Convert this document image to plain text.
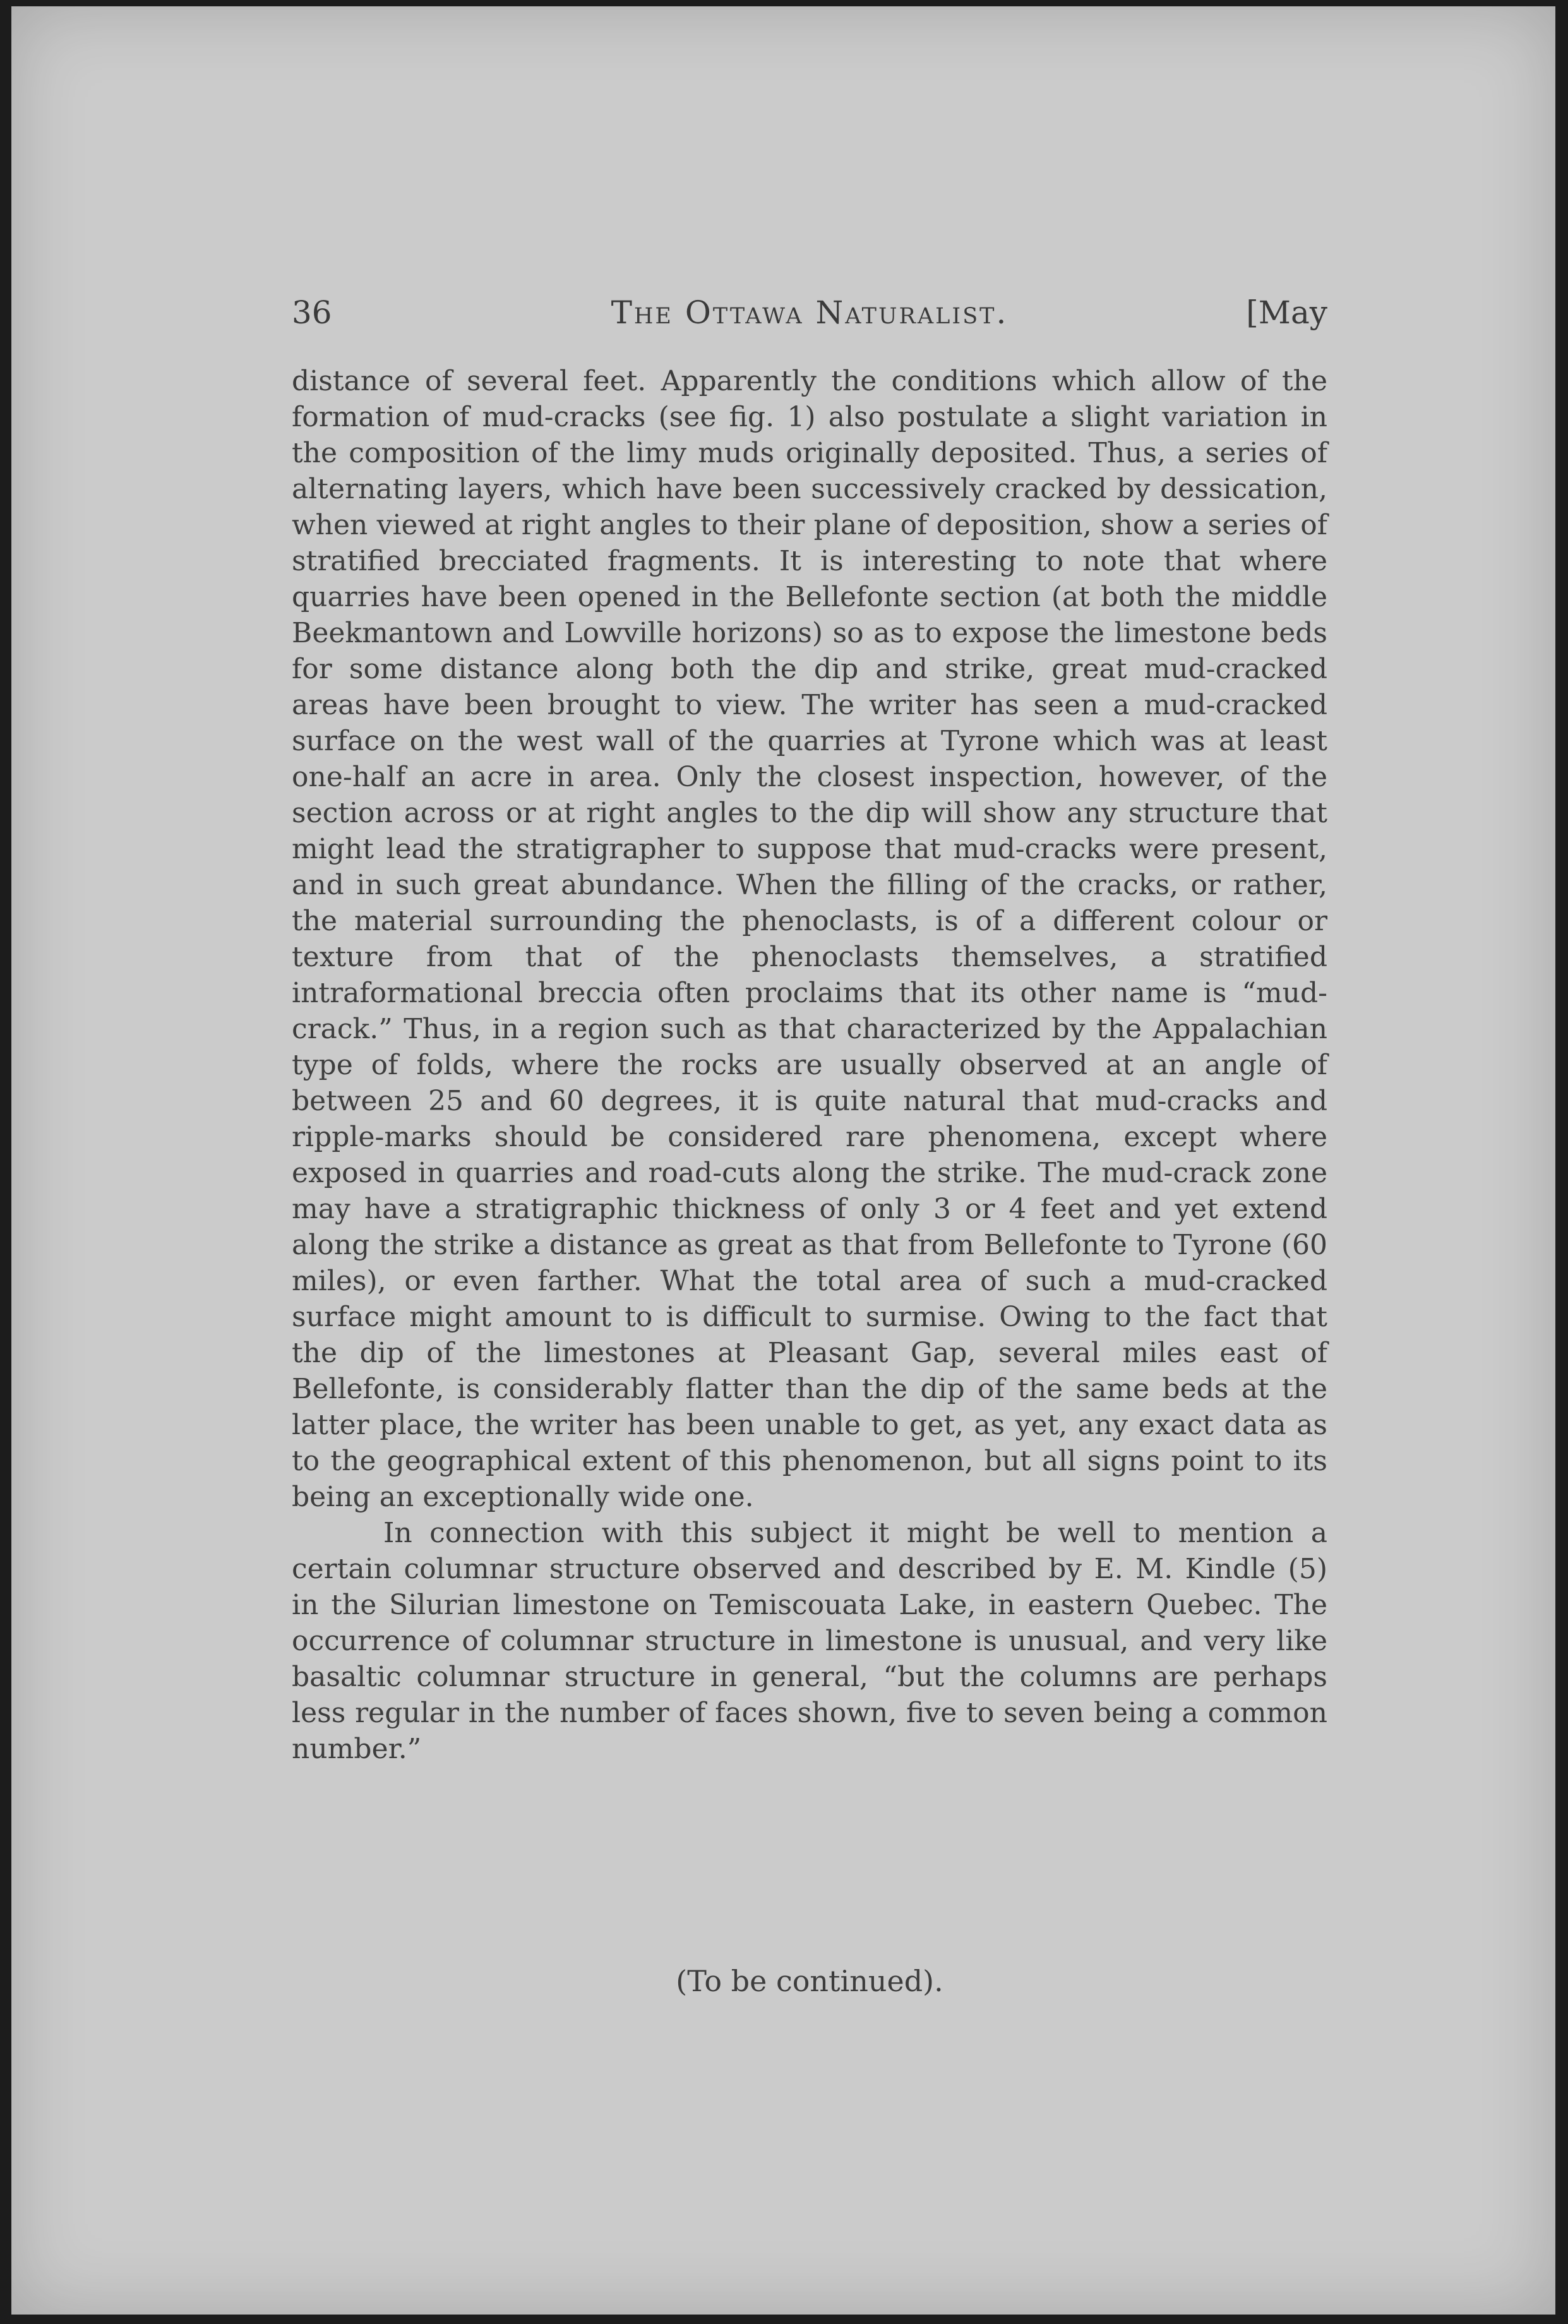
36	The Ottawa Naturalist.	[May

distance of several feet. Apparently the conditions which allow of the formation of mud-cracks (see fig. 1) also postulate a slight variation in the composition of the limy muds originally deposited. Thus, a series of alternating layers, which have been successively cracked by dessication, when viewed at right angles to their plane of deposition, show a series of stratified brecciated fragments. It is interesting to note that where quarries have been opened in the Bellefonte section (at both the middle Beekmantown and Lowville horizons) so as to expose the limestone beds for some distance along both the dip and strike, great mud-cracked areas have been brought to view. The writer has seen a mud-cracked surface on the west wall of the quarries at Tyrone which was at least one-half an acre in area. Only the closest inspection, however, of the section across or at right angles to the dip will show any structure that might lead the stratigrapher to suppose that mud-cracks were present, and in such great abundance. When the filling of the cracks, or rather, the material surrounding the phenoclasts, is of a different colour or texture from that of the phenoclasts themselves, a stratified intraformational breccia often proclaims that its other name is “mud-crack.” Thus, in a region such as that characterized by the Appalachian type of folds, where the rocks are usually observed at an angle of between 25 and 60 degrees, it is quite natural that mud-cracks and ripple-marks should be considered rare phenomena, except where exposed in quarries and road-cuts along the strike. The mud-crack zone may have a stratigraphic thickness of only 3 or 4 feet and yet extend along the strike a distance as great as that from Bellefonte to Tyrone (60 miles), or even farther. What the total area of such a mud-cracked surface might amount to is difficult to surmise. Owing to the fact that the dip of the limestones at Pleasant Gap, several miles east of Bellefonte, is considerably flatter than the dip of the same beds at the latter place, the writer has been unable to get, as yet, any exact data as to the geographical extent of this phenomenon, but all signs point to its being an exceptionally wide one.

In connection with this subject it might be well to mention a certain columnar structure observed and described by E. M. Kindle (5) in the Silurian limestone on Temiscouata Lake, in eastern Quebec. The occurrence of columnar structure in limestone is unusual, and very like basaltic columnar structure in general, “but the columns are perhaps less regular in the number of faces shown, five to seven being a common number.”

(To be continued).
